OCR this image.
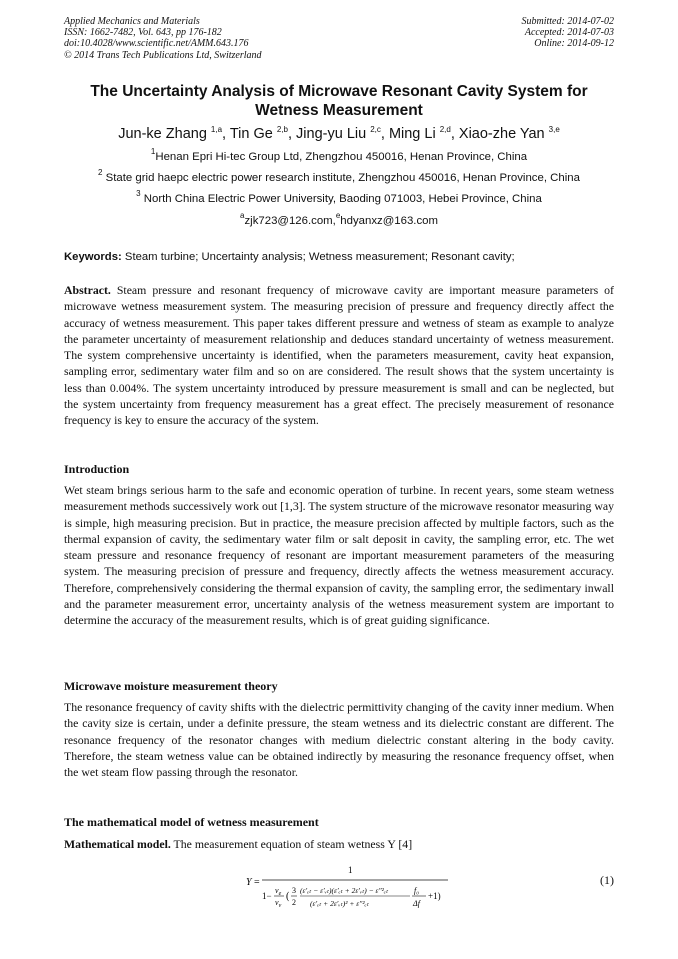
Applied Mechanics and Materials
ISSN: 1662-7482, Vol. 643, pp 176-182
doi:10.4028/www.scientific.net/AMM.643.176
© 2014 Trans Tech Publications Ltd, Switzerland
Submitted: 2014-07-02
Accepted: 2014-07-03
Online: 2014-09-12
The Uncertainty Analysis of Microwave Resonant Cavity System for Wetness Measurement
Jun-ke Zhang $^{1,a}$, Tin Ge $^{2,b}$, Jing-yu Liu $^{2,c}$, Ming Li $^{2,d}$, Xiao-zhe Yan $^{3,e}$
$^1$Henan Epri Hi-tec Group Ltd, Zhengzhou 450016, Henan Province, China
$^2$ State grid haepc electric power research institute, Zhengzhou 450016, Henan Province, China
$^3$ North China Electric Power University, Baoding 071003, Hebei Province, China
$^a$zjk723@126.com,$^e$hdyanxz@163.com
Keywords: Steam turbine; Uncertainty analysis; Wetness measurement; Resonant cavity;
Abstract. Steam pressure and resonant frequency of microwave cavity are important measure parameters of microwave wetness measurement system. The measuring precision of pressure and frequency directly affect the accuracy of wetness measurement. This paper takes different pressure and wetness of steam as example to analyze the parameter uncertainty of measurement relationship and deduces standard uncertainty of wetness measurement. The system comprehensive uncertainty is identified, when the parameters measurement, cavity heat expansion, sampling error, sedimentary water film and so on are considered. The result shows that the system uncertainty is less than 0.004%. The system uncertainty introduced by pressure measurement is small and can be neglected, but the system uncertainty from frequency measurement has a great effect. The precisely measurement of resonance frequency is key to ensure the accuracy of the system.
Introduction
Wet steam brings serious harm to the safe and economic operation of turbine. In recent years, some steam wetness measurement methods successively work out [1,3]. The system structure of the microwave resonator measuring way is simple, high measuring precision. But in practice, the measure precision affected by multiple factors, such as the thermal expansion of cavity, the sedimentary water film or salt deposit in cavity, the sampling error, etc. The wet steam pressure and resonance frequency of resonant are important measurement parameters of the measuring system. The measuring precision of pressure and frequency, directly affects the wetness measurement accuracy. Therefore, comprehensively considering the thermal expansion of cavity, the sampling error, the sedimentary inwall and the parameter measurement error, uncertainty analysis of the wetness measurement system are important to determine the accuracy of the measurement results, which is of great guiding significance.
Microwave moisture measurement theory
The resonance frequency of cavity shifts with the dielectric permittivity changing of the cavity inner medium. When the cavity size is certain, under a definite pressure, the steam wetness and its dielectric constant are different. The resonance frequency of the resonator changes with medium dielectric constant altering in the body cavity. Therefore, the steam wetness value can be obtained indirectly by measuring the resonance frequency offset, when the wet steam flow passing through the resonator.
The mathematical model of wetness measurement
Mathematical model. The measurement equation of steam wetness Y [4]
Y =
1
1−
$\nu_e$
$\nu_v$
(
3
2
(ε′ₑₜ − ε′ᵥₜ)(ε′ₑₜ + 2ε′ᵥₜ) − ε″²ₑₜ
(ε′ₑₜ + 2ε′ᵥₜ)² + ε″²ₑₜ
f₀
Δf
+1)
(1)
